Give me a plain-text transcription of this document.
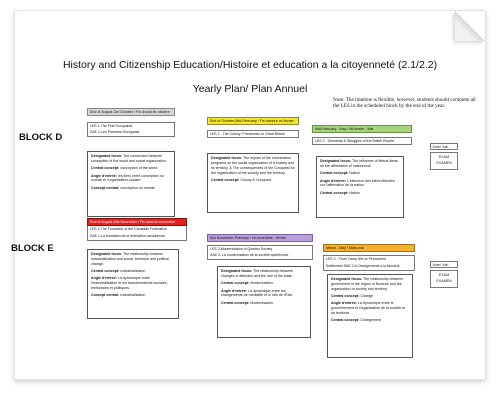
History and Citizenship Education/Histoire et education a la citoyenneté (2.1/2.2)
Yearly Plan/ Plan Annuel
Note: The timeline is flexible, however, students should complete all the LES in the scheduled block by the end of the year.
BLOCK D
End of August-Oct October / Fin d'août-fin octobre
LES 1-The First Occupants
SAE 1-Les Premiers Occupants

Designated focus: The connection between conception of the world and social organization.

Central concept: conception of the world

Angle d'entrée: les liens entre conception du monde et l'organisation sociale.

Concept central: conception du monde

End of October-Mid-February / Fin octobre-mi-février
LES 2 - The Colony: Frenchmen to Great Britain

Designated focus: The impact of the colonization programs on the social organization of a society and its territory. & The consequences of the Conquest for the organization of the society and the territory.

Central concept: Colony & Conquest

Mid-February - May / Mi-février - Mai
LES 3 - Demands & Struggles of the British Empire

Designated focus: The influence of liberal ideas on the affirmation of nationhood.

Central concept: Nation

Angle d'entrée: L'influence des idées libérales sur l'affirmation de la nation.

Central concept: Nation

June/ Juin
EXAM
EXAMEN
BLOCK E
End of August-Mid November / Fin août-mi-novembre
LES 1-The Formation of the Canadian Federation
SAE 1-La formation de la fédération canadienne

Designated focus: The relationship between industrialization and social, territorial and political change.

Central concept: Industrialization

Angle d'entrée: La dynamique entre l'industrialisation et les transformations sociales, territoriales et politiques.

Concept central: Industrialisation

Mid November-February / mi-novembre - février
LES 2-Modernization of Quebec Society
SAE 2- La modernisation de la société québécoise

Designated focus: The relationship between changes in attitudes and the role of the state.

Central concept: Modernization

Angle d'entrée: La dynamique entre les changements de mentalité et le rôle de l'État.

Central concept: Modernisation

March - May / Mars-mai
LES 3 - From Camp 80s to Permanent
Settlement SAE 3 A Changements a la Nunavik

Designated focus: The relationship between government in the region of Nunavik and the organization of society and territory.

Central concept: Change

Angle d'entrée: La dynamique entre le gouvernement et l'organisation de la société et du territoire.

Central concept: Changement

June/ Juin
EXAM
EXAMEN
